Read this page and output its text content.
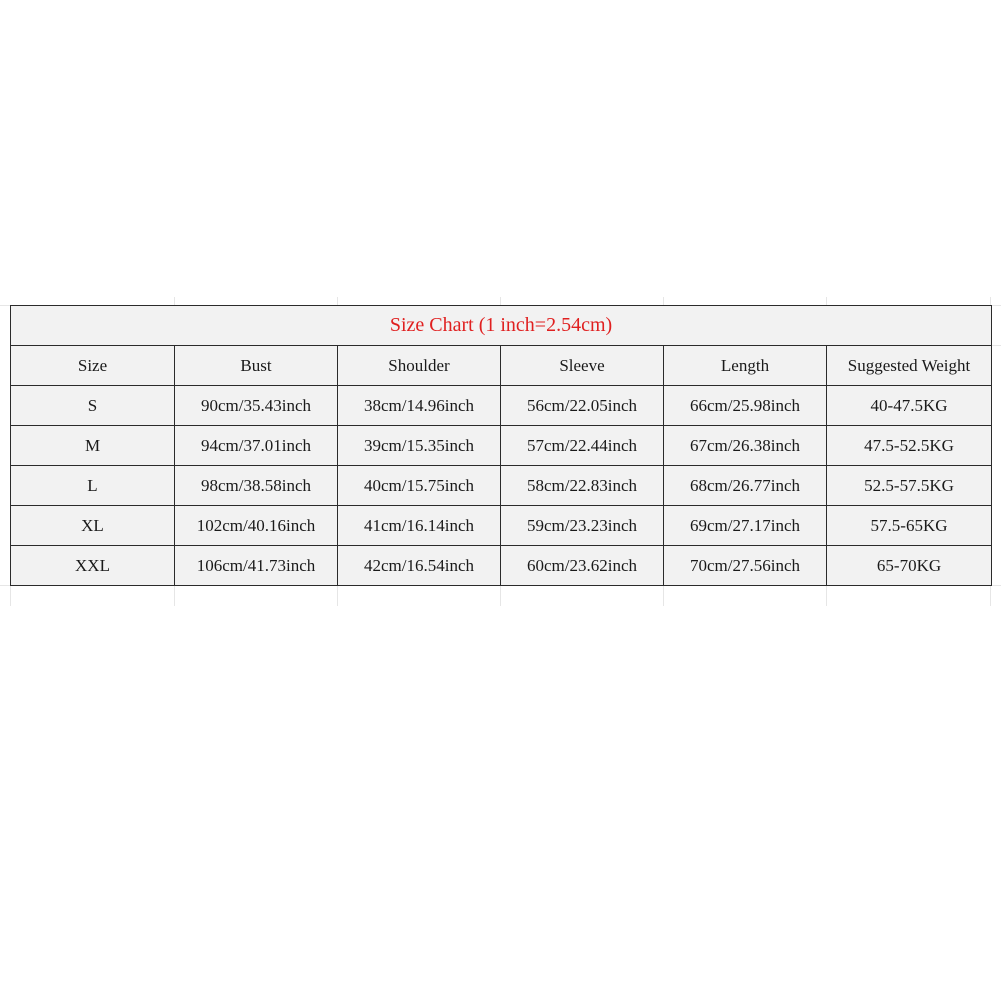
Size Chart (1 inch=2.54cm)					
Size	Bust	Shoulder	Sleeve	Length	Suggested Weight
S	90cm/35.43inch	38cm/14.96inch	56cm/22.05inch	66cm/25.98inch	40-47.5KG
M	94cm/37.01inch	39cm/15.35inch	57cm/22.44inch	67cm/26.38inch	47.5-52.5KG
L	98cm/38.58inch	40cm/15.75inch	58cm/22.83inch	68cm/26.77inch	52.5-57.5KG
XL	102cm/40.16inch	41cm/16.14inch	59cm/23.23inch	69cm/27.17inch	57.5-65KG
XXL	106cm/41.73inch	42cm/16.54inch	60cm/23.62inch	70cm/27.56inch	65-70KG
